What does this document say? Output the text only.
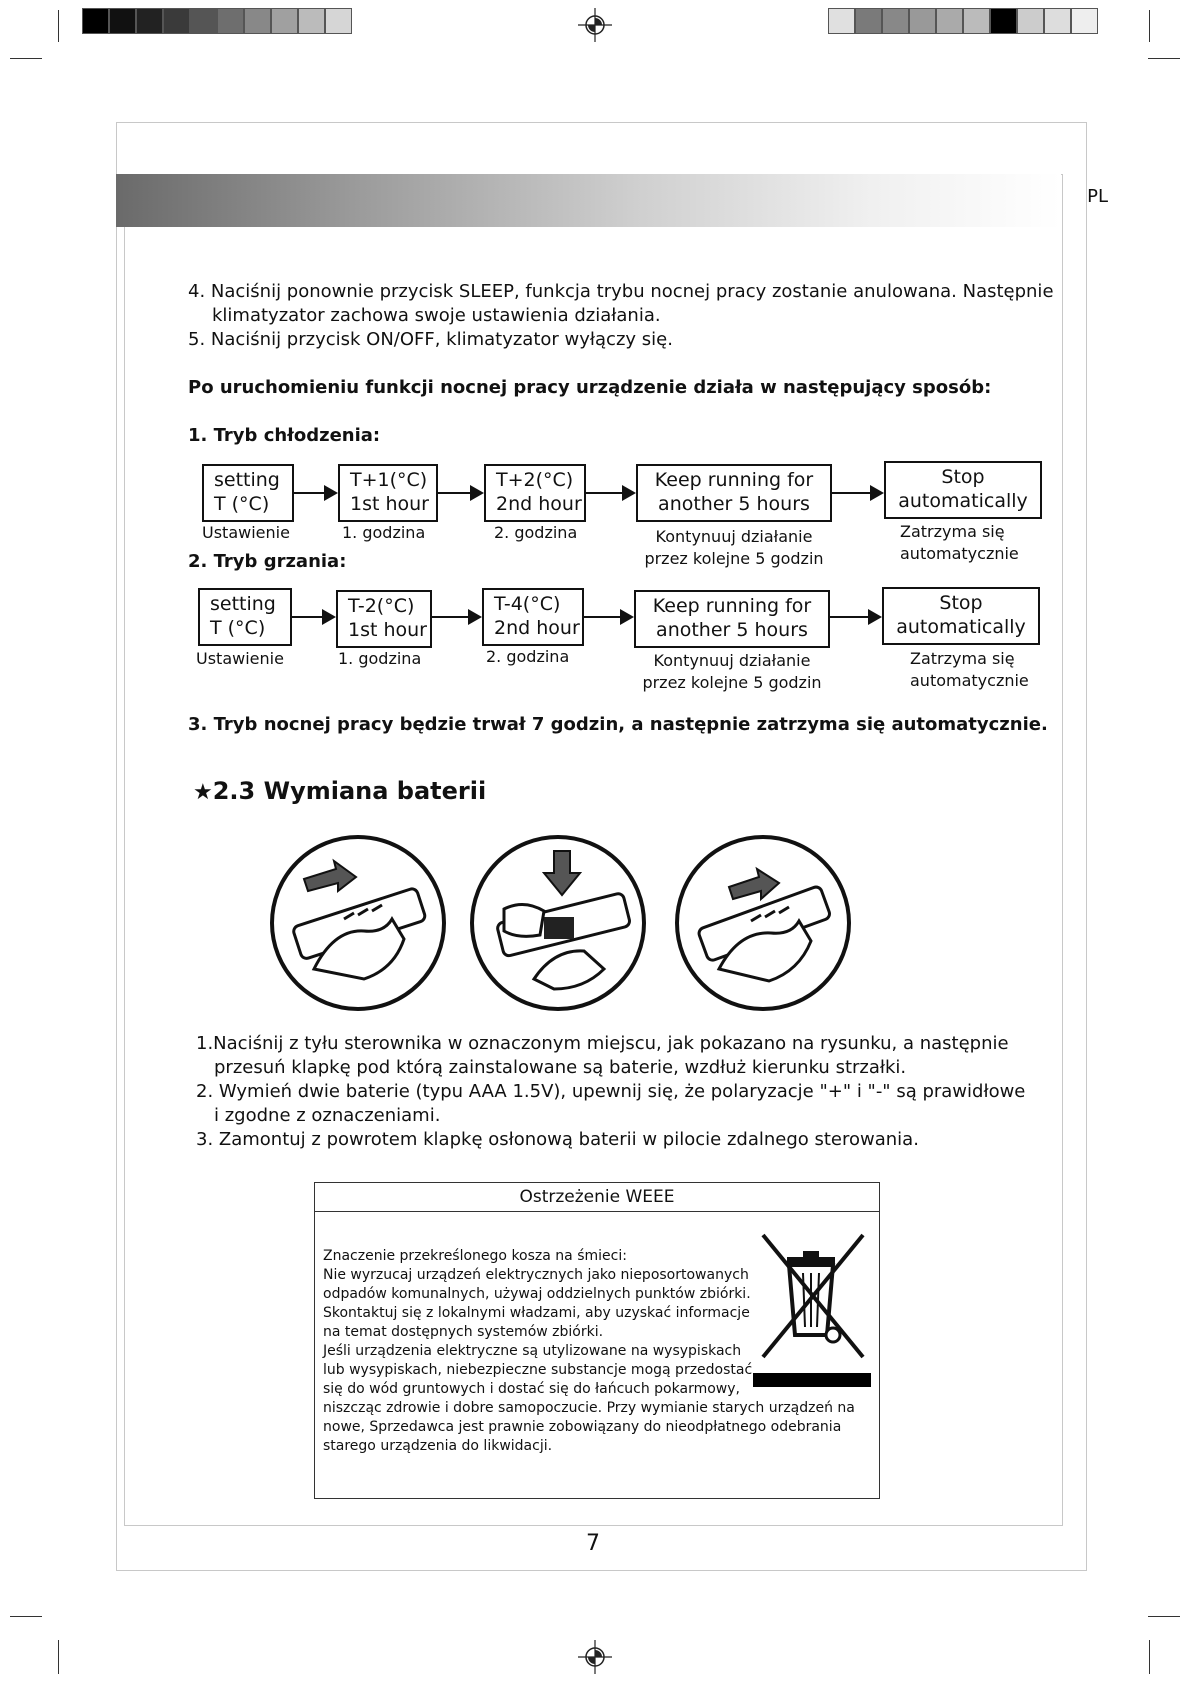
PL
4. Naciśnij ponownie przycisk SLEEP, funkcja trybu nocnej pracy zostanie anulowana. Następnie
klimatyzator zachowa swoje ustawienia działania.
5. Naciśnij przycisk ON/OFF, klimatyzator wyłączy się.
Po uruchomieniu funkcji nocnej pracy urządzenie działa w następujący sposób:
1. Tryb chłodzenia:
setting
T (°C)
T+1(°C)
1st hour
T+2(°C)
2nd hour
Keep running for
another 5 hours
Stop
automatically
Ustawienie	1. godzina	2. godzina	Kontynuuj działanie
przez kolejne 5 godzin
Zatrzyma się
automatycznie
2. Tryb grzania:
setting
T (°C)
T-2(°C)
1st hour
T-4(°C)
2nd hour
Keep running for
another 5 hours
Stop
automatically
Ustawienie	1. godzina	2. godzina	Kontynuuj działanie
przez kolejne 5 godzin
Zatrzyma się
automatycznie
3. Tryb nocnej pracy będzie trwał 7 godzin, a następnie zatrzyma się automatycznie.
★2.3 Wymiana baterii
1.Naciśnij z tyłu sterownika w oznaczonym miejscu, jak pokazano na rysunku, a następnie
przesuń klapkę pod którą zainstalowane są baterie, wzdłuż kierunku strzałki.
2. Wymień dwie baterie (typu AAA 1.5V), upewnij się, że polaryzacje "+" i "-" są prawidłowe
i zgodne z oznaczeniami.
3. Zamontuj z powrotem klapkę osłonową baterii w pilocie zdalnego sterowania.
Ostrzeżenie WEEE
Znaczenie przekreślonego kosza na śmieci:
Nie wyrzucaj urządzeń elektrycznych jako nieposortowanych
odpadów komunalnych, używaj oddzielnych punktów zbiórki.
Skontaktuj się z lokalnymi władzami, aby uzyskać informacje
na temat dostępnych systemów zbiórki.
Jeśli urządzenia elektryczne są utylizowane na wysypiskach
lub wysypiskach, niebezpieczne substancje mogą przedostać
się do wód gruntowych i dostać się do łańcuch pokarmowy,
niszcząc zdrowie i dobre samopoczucie. Przy wymianie starych urządzeń na
nowe, Sprzedawca jest prawnie zobowiązany do nieodpłatnego odebrania
starego urządzenia do likwidacji.
7
